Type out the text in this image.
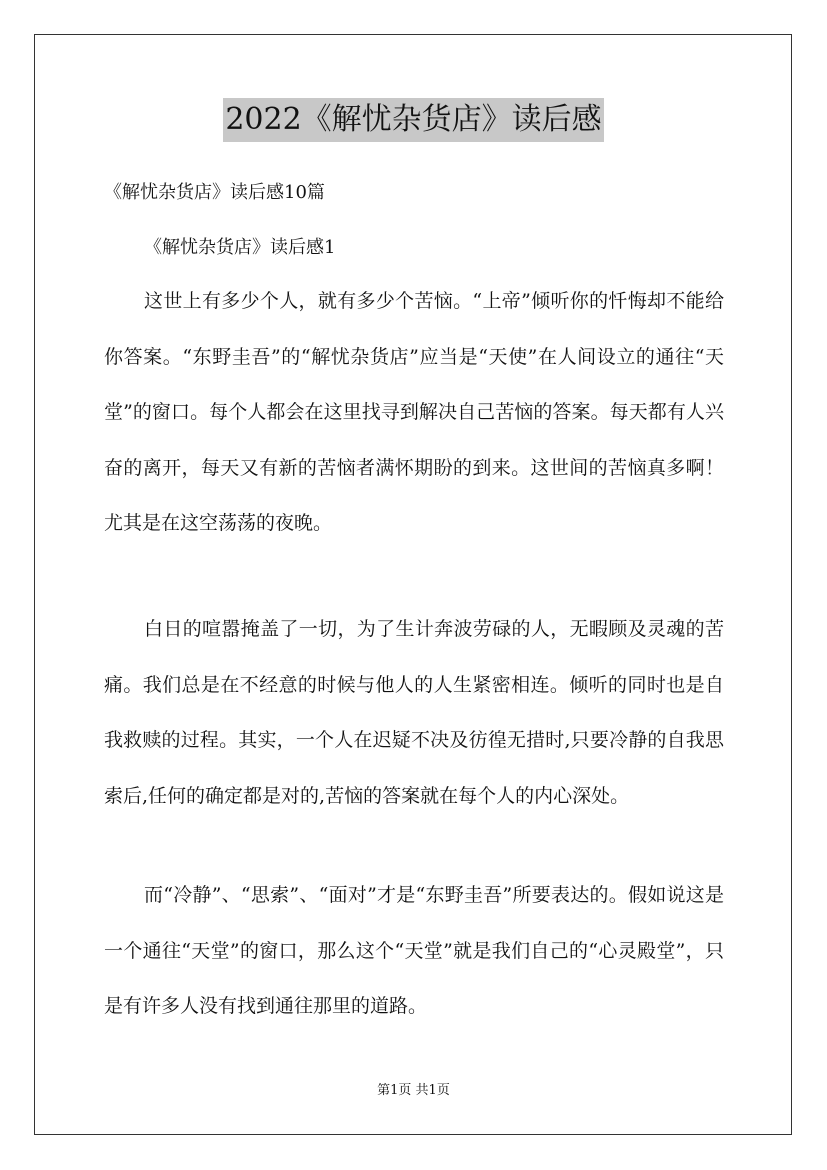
2022《解忧杂货店》读后感
《解忧杂货店》读后感10篇
《解忧杂货店》读后感1

这世上有多少个人，就有多少个苦恼。“上帝”倾听你的忏悔却不能给你答案。“东野圭吾”的“解忧杂货店”应当是“天使”在人间设立的通往“天堂”的窗口。每个人都会在这里找寻到解决自己苦恼的答案。每天都有人兴奋的离开，每天又有新的苦恼者满怀期盼的到来。这世间的苦恼真多啊！尤其是在这空荡荡的夜晚。

白日的喧嚣掩盖了一切，为了生计奔波劳碌的人，无暇顾及灵魂的苦痛。我们总是在不经意的时候与他人的人生紧密相连。倾听的同时也是自我救赎的过程。其实，一个人在迟疑不决及彷徨无措时,只要冷静的自我思索后,任何的确定都是对的,苦恼的答案就在每个人的内心深处。

而“冷静”、“思索”、“面对”才是“东野圭吾”所要表达的。假如说这是一个通往“天堂”的窗口，那么这个“天堂”就是我们自己的“心灵殿堂”，只是有许多人没有找到通往那里的道路。

第1页 共1页
